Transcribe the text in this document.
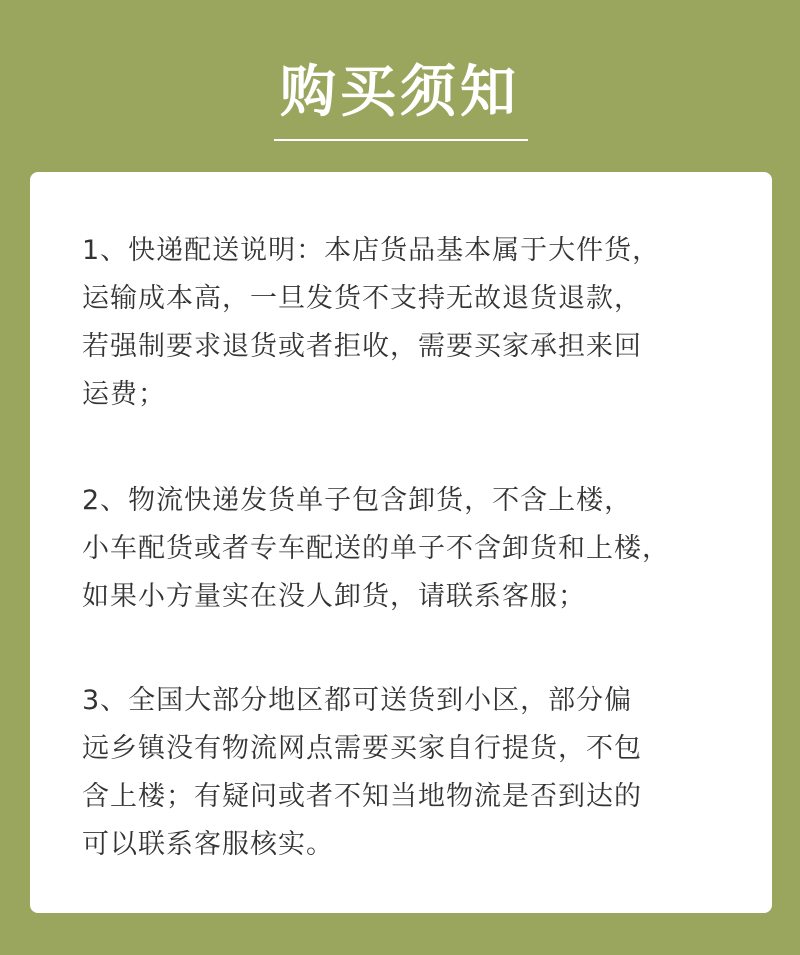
购买须知

1、快递配送说明：本店货品基本属于大件货，
运输成本高，一旦发货不支持无故退货退款，
若强制要求退货或者拒收，需要买家承担来回
运费；

2、物流快递发货单子包含卸货，不含上楼，
小车配货或者专车配送的单子不含卸货和上楼，
如果小方量实在没人卸货，请联系客服；

3、全国大部分地区都可送货到小区，部分偏
远乡镇没有物流网点需要买家自行提货，不包
含上楼；有疑问或者不知当地物流是否到达的
可以联系客服核实。
